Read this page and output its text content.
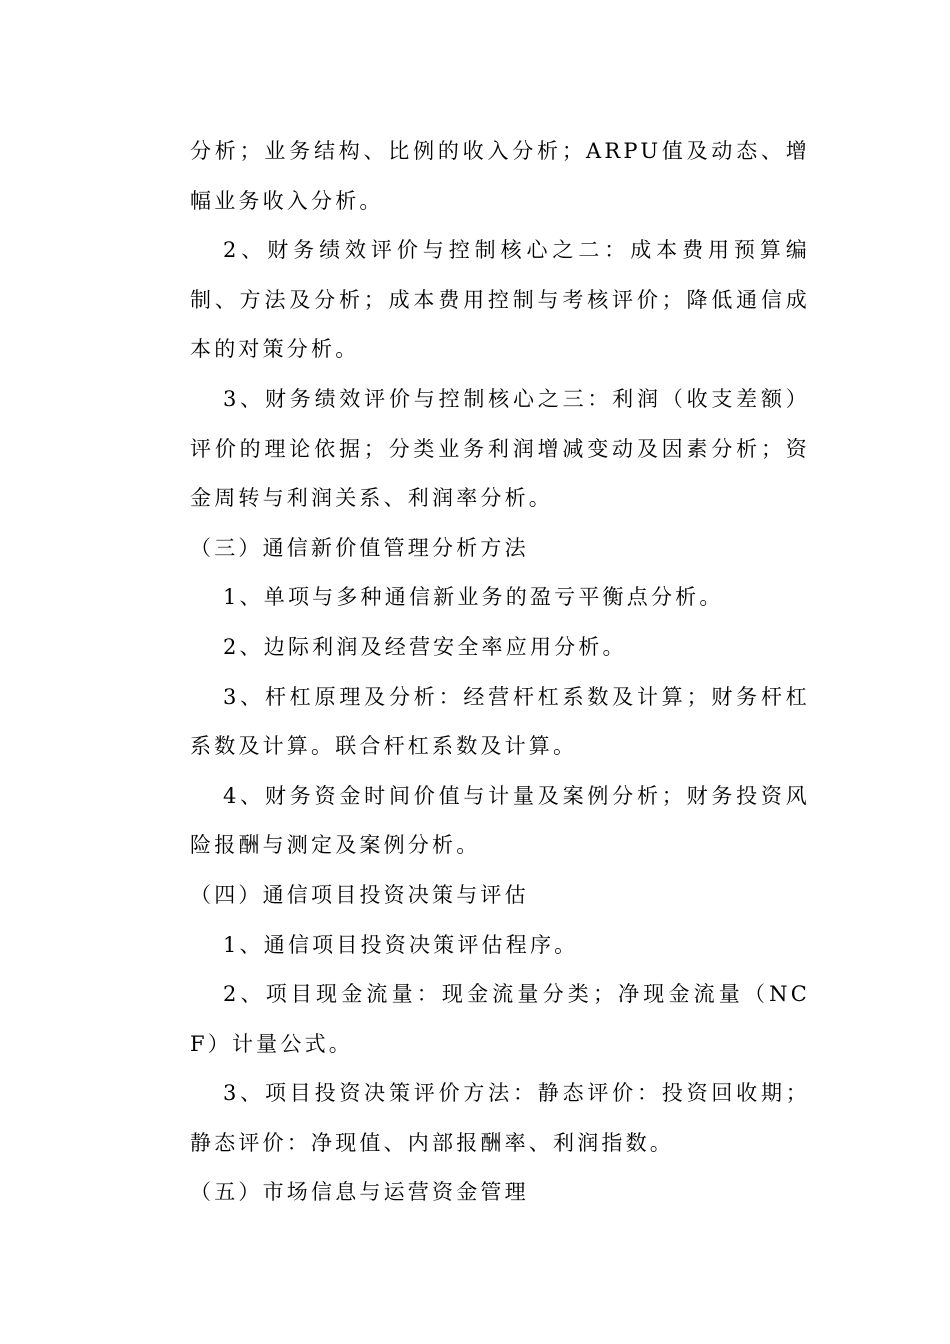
分析；业务结构、比例的收入分析；ARPU值及动态、增幅业务收入分析。

2、财务绩效评价与控制核心之二：成本费用预算编制、方法及分析；成本费用控制与考核评价；降低通信成本的对策分析。

3、财务绩效评价与控制核心之三：利润（收支差额）评价的理论依据；分类业务利润增减变动及因素分析；资金周转与利润关系、利润率分析。

（三）通信新价值管理分析方法

1、单项与多种通信新业务的盈亏平衡点分析。

2、边际利润及经营安全率应用分析。

3、杆杠原理及分析：经营杆杠系数及计算；财务杆杠系数及计算。联合杆杠系数及计算。

4、财务资金时间价值与计量及案例分析；财务投资风险报酬与测定及案例分析。

（四）通信项目投资决策与评估

1、通信项目投资决策评估程序。

2、项目现金流量：现金流量分类；净现金流量（NCF）计量公式。

3、项目投资决策评价方法：静态评价：投资回收期；静态评价：净现值、内部报酬率、利润指数。

（五）市场信息与运营资金管理
